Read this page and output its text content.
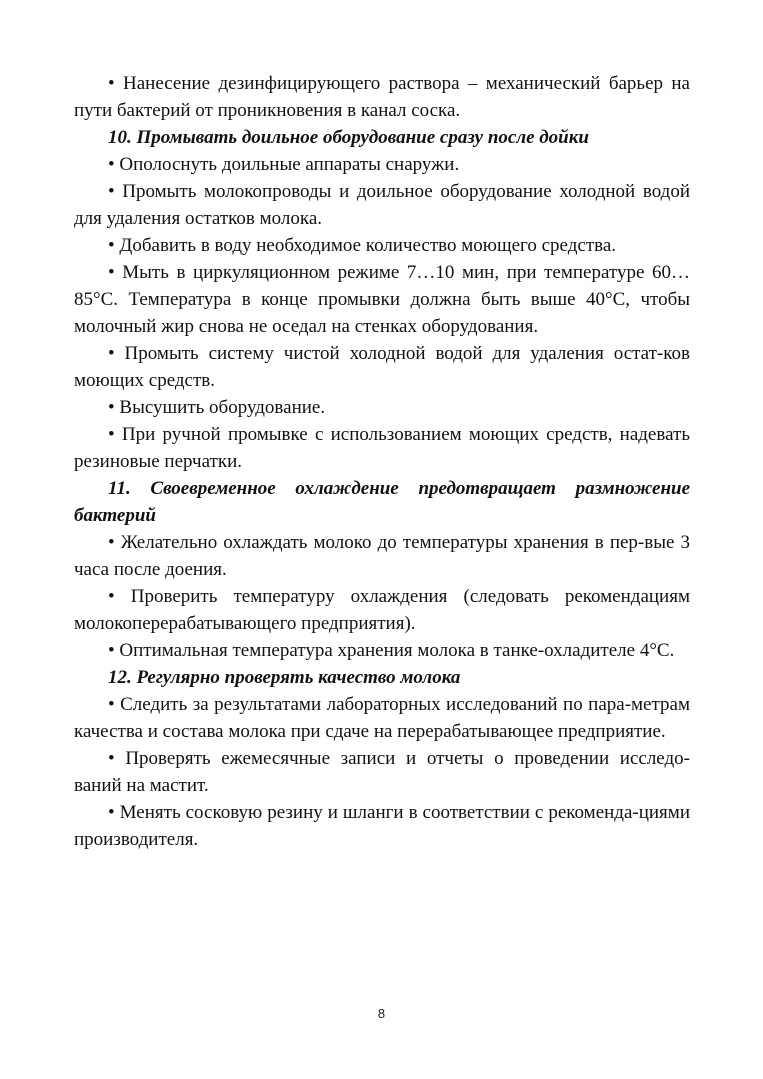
• Нанесение дезинфицирующего раствора – механический барьер на пути бактерий от проникновения в канал соска.

10. Промывать доильное оборудование сразу после дойки

• Ополоснуть доильные аппараты снаружи.

• Промыть молокопроводы и доильное оборудование холодной водой для удаления остатков молока.

• Добавить в воду необходимое количество моющего средства.

• Мыть в циркуляционном режиме 7…10 мин, при температуре 60…85°С. Температура в конце промывки должна быть выше 40°С, чтобы молочный жир снова не оседал на стенках оборудования.

• Промыть систему чистой холодной водой для удаления остат-ков моющих средств.

• Высушить оборудование.

• При ручной промывке с использованием моющих средств, надевать резиновые перчатки.

11. Своевременное охлаждение предотвращает размножение бактерий

• Желательно охлаждать молоко до температуры хранения в пер-вые 3 часа после доения.

• Проверить температуру охлаждения (следовать рекомендациям молокоперерабатывающего предприятия).

• Оптимальная температура хранения молока в танке-охладителе 4°С.

12. Регулярно проверять качество молока

• Следить за результатами лабораторных исследований по пара-метрам качества и состава молока при сдаче на перерабатывающее предприятие.

• Проверять ежемесячные записи и отчеты о проведении исследо-ваний на мастит.

• Менять сосковую резину и шланги в соответствии с рекоменда-циями производителя.

8
